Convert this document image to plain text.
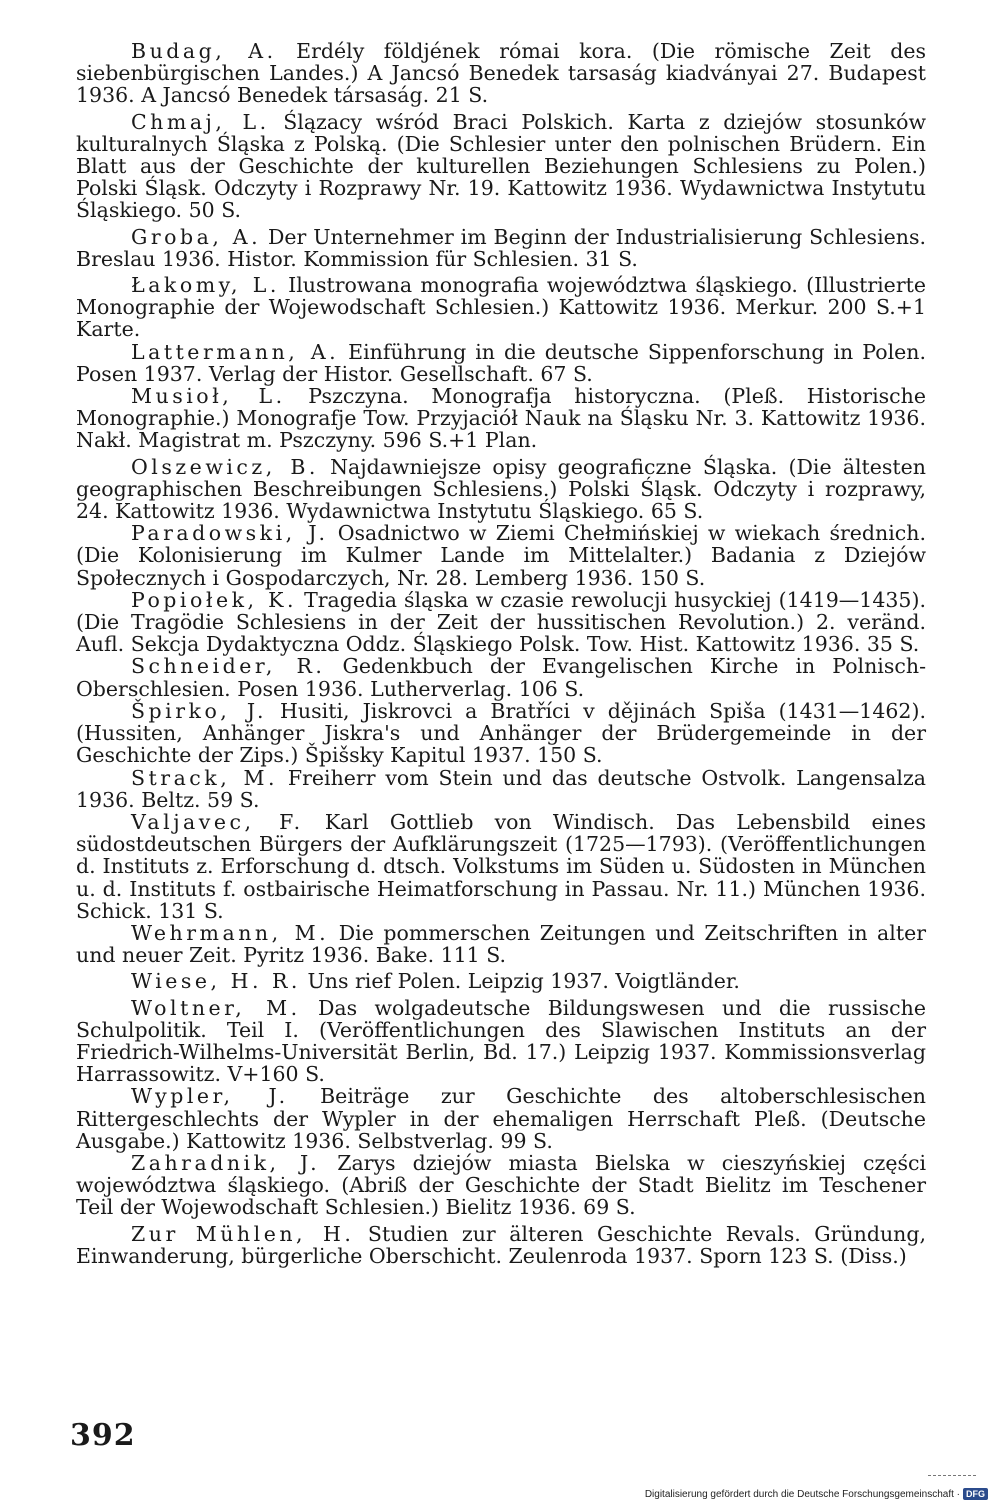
Budag, A. Erdély földjének római kora. (Die römische Zeit des siebenbürgischen Landes.) A Jancsó Benedek tarsaság kiadványai 27. Budapest 1936. A Jancsó Benedek társaság. 21 S.

Chmaj, L. Ślązacy wśród Braci Polskich. Karta z dziejów stosunków kulturalnych Śląska z Polską. (Die Schlesier unter den polnischen Brüdern. Ein Blatt aus der Geschichte der kulturellen Beziehungen Schlesiens zu Polen.) Polski Śląsk. Odczyty i Rozprawy Nr. 19. Kattowitz 1936. Wydawnictwa Instytutu Śląskiego. 50 S.

Groba, A. Der Unternehmer im Beginn der Industrialisierung Schlesiens. Breslau 1936. Histor. Kommission für Schlesien. 31 S.

Łakomy, L. Ilustrowana monografia województwa śląskiego. (Illustrierte Monographie der Wojewodschaft Schlesien.) Kattowitz 1936. Merkur. 200 S.+1 Karte.

Lattermann, A. Einführung in die deutsche Sippenforschung in Polen. Posen 1937. Verlag der Histor. Gesellschaft. 67 S.

Musioł, L. Pszczyna. Monografja historyczna. (Pleß. Historische Monographie.) Monografje Tow. Przyjaciół Nauk na Śląsku Nr. 3. Kattowitz 1936. Nakł. Magistrat m. Pszczyny. 596 S.+1 Plan.

Olszewicz, B. Najdawniejsze opisy geograficzne Śląska. (Die ältesten geographischen Beschreibungen Schlesiens.) Polski Śląsk. Odczyty i rozprawy, 24. Kattowitz 1936. Wydawnictwa Instytutu Śląskiego. 65 S.

Paradowski, J. Osadnictwo w Ziemi Chełmińskiej w wiekach średnich. (Die Kolonisierung im Kulmer Lande im Mittelalter.) Badania z Dziejów Społecznych i Gospodarczych, Nr. 28. Lemberg 1936. 150 S.

Popiołek, K. Tragedia śląska w czasie rewolucji husyckiej (1419—1435). (Die Tragödie Schlesiens in der Zeit der hussitischen Revolution.) 2. veränd. Aufl. Sekcja Dydaktyczna Oddz. Śląskiego Polsk. Tow. Hist. Kattowitz 1936. 35 S.

Schneider, R. Gedenkbuch der Evangelischen Kirche in Polnisch-Oberschlesien. Posen 1936. Lutherverlag. 106 S.

Špirko, J. Husiti, Jiskrovci a Bratříci v dějinách Spiša (1431—1462). (Hussiten, Anhänger Jiskra's und Anhänger der Brüdergemeinde in der Geschichte der Zips.) Špišsky Kapitul 1937. 150 S.

Strack, M. Freiherr vom Stein und das deutsche Ostvolk. Langensalza 1936. Beltz. 59 S.

Valjavec, F. Karl Gottlieb von Windisch. Das Lebensbild eines südostdeutschen Bürgers der Aufklärungszeit (1725—1793). (Veröffentlichungen d. Instituts z. Erforschung d. dtsch. Volkstums im Süden u. Südosten in München u. d. Instituts f. ostbairische Heimatforschung in Passau. Nr. 11.) München 1936. Schick. 131 S.

Wehrmann, M. Die pommerschen Zeitungen und Zeitschriften in alter und neuer Zeit. Pyritz 1936. Bake. 111 S.

Wiese, H. R. Uns rief Polen. Leipzig 1937. Voigtländer.

Woltner, M. Das wolgadeutsche Bildungswesen und die russische Schulpolitik. Teil I. (Veröffentlichungen des Slawischen Instituts an der Friedrich-Wilhelms-Universität Berlin, Bd. 17.) Leipzig 1937. Kommissionsverlag Harrassowitz. V+160 S.

Wypler, J. Beiträge zur Geschichte des altoberschlesischen Rittergeschlechts der Wypler in der ehemaligen Herrschaft Pleß. (Deutsche Ausgabe.) Kattowitz 1936. Selbstverlag. 99 S.

Zahradnik, J. Zarys dziejów miasta Bielska w cieszyńskiej części województwa śląskiego. (Abriß der Geschichte der Stadt Bielitz im Teschener Teil der Wojewodschaft Schlesien.) Bielitz 1936. 69 S.

Zur Mühlen, H. Studien zur älteren Geschichte Revals. Gründung, Einwanderung, bürgerliche Oberschicht. Zeulenroda 1937. Sporn 123 S. (Diss.)

392
Digitalisierung gefördert durch die Deutsche Forschungsgemeinschaft · DFG
